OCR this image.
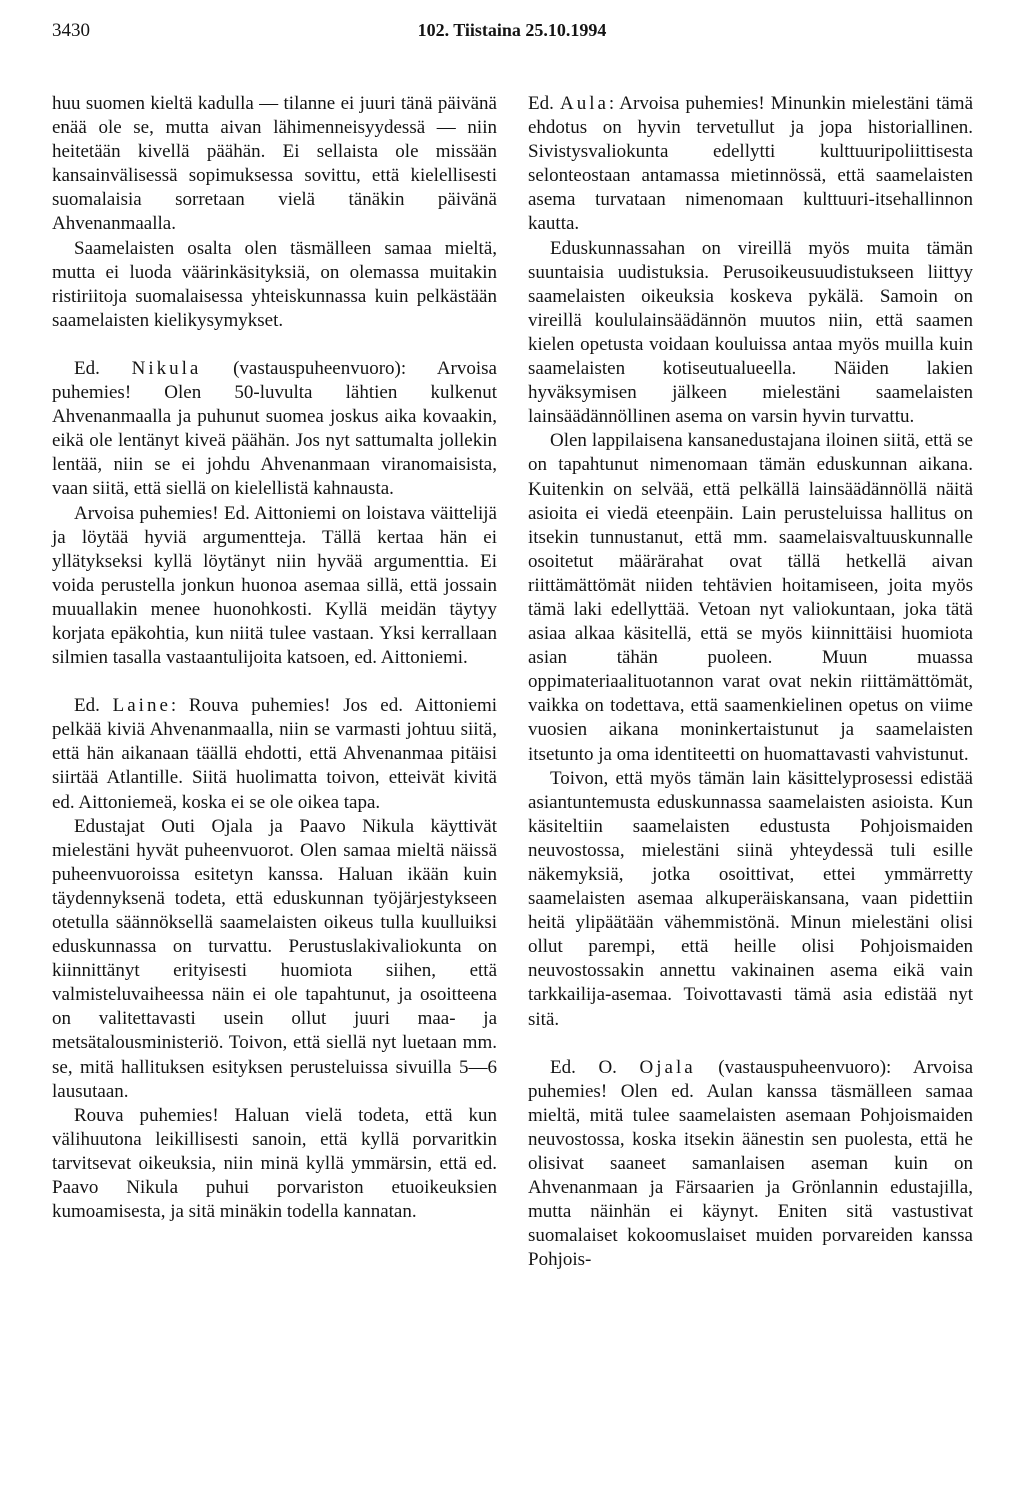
3430	102. Tiistaina 25.10.1994

huu suomen kieltä kadulla — tilanne ei juuri tänä päivänä enää ole se, mutta aivan lähimenneisyydessä — niin heitetään kivellä päähän. Ei sellaista ole missään kansainvälisessä sopimuksessa sovittu, että kielellisesti suomalaisia sorretaan vielä tänäkin päivänä Ahvenanmaalla.

Saamelaisten osalta olen täsmälleen samaa mieltä, mutta ei luoda väärinkäsityksiä, on olemassa muitakin ristiriitoja suomalaisessa yhteiskunnassa kuin pelkästään saamelaisten kielikysymykset.

Ed. Nikula (vastauspuheenvuoro): Arvoisa puhemies! Olen 50-luvulta lähtien kulkenut Ahvenanmaalla ja puhunut suomea joskus aika kovaakin, eikä ole lentänyt kiveä päähän. Jos nyt sattumalta jollekin lentää, niin se ei johdu Ahvenanmaan viranomaisista, vaan siitä, että siellä on kielellistä kahnausta.

Arvoisa puhemies! Ed. Aittoniemi on loistava väittelijä ja löytää hyviä argumentteja. Tällä kertaa hän ei yllätykseksi kyllä löytänyt niin hyvää argumenttia. Ei voida perustella jonkun huonoa asemaa sillä, että jossain muuallakin menee huonohkosti. Kyllä meidän täytyy korjata epäkohtia, kun niitä tulee vastaan. Yksi kerrallaan silmien tasalla vastaantulijoita katsoen, ed. Aittoniemi.

Ed. Laine: Rouva puhemies! Jos ed. Aittoniemi pelkää kiviä Ahvenanmaalla, niin se varmasti johtuu siitä, että hän aikanaan täällä ehdotti, että Ahvenanmaa pitäisi siirtää Atlantille. Siitä huolimatta toivon, etteivät kivitä ed. Aittoniemeä, koska ei se ole oikea tapa.

Edustajat Outi Ojala ja Paavo Nikula käyttivät mielestäni hyvät puheenvuorot. Olen samaa mieltä näissä puheenvuoroissa esitetyn kanssa. Haluan ikään kuin täydennyksenä todeta, että eduskunnan työjärjestykseen otetulla säännöksellä saamelaisten oikeus tulla kuulluiksi eduskunnassa on turvattu. Perustuslakivaliokunta on kiinnittänyt erityisesti huomiota siihen, että valmisteluvaiheessa näin ei ole tapahtunut, ja osoitteena on valitettavasti usein ollut juuri maa- ja metsätalousministeriö. Toivon, että siellä nyt luetaan mm. se, mitä hallituksen esityksen perusteluissa sivuilla 5—6 lausutaan.

Rouva puhemies! Haluan vielä todeta, että kun välihuutona leikillisesti sanoin, että kyllä porvaritkin tarvitsevat oikeuksia, niin minä kyllä ymmärsin, että ed. Paavo Nikula puhui porvariston etuoikeuksien kumoamisesta, ja sitä minäkin todella kannatan.

Ed. Aula: Arvoisa puhemies! Minunkin mielestäni tämä ehdotus on hyvin tervetullut ja jopa historiallinen. Sivistysvaliokunta edellytti kulttuuripoliittisesta selonteostaan antamassa mietinnössä, että saamelaisten asema turvataan nimenomaan kulttuuri-itsehallinnon kautta.

Eduskunnassahan on vireillä myös muita tämän suuntaisia uudistuksia. Perusoikeusuudistukseen liittyy saamelaisten oikeuksia koskeva pykälä. Samoin on vireillä koululainsäädännön muutos niin, että saamen kielen opetusta voidaan kouluissa antaa myös muilla kuin saamelaisten kotiseutualueella. Näiden lakien hyväksymisen jälkeen mielestäni saamelaisten lainsäädännöllinen asema on varsin hyvin turvattu.

Olen lappilaisena kansanedustajana iloinen siitä, että se on tapahtunut nimenomaan tämän eduskunnan aikana. Kuitenkin on selvää, että pelkällä lainsäädännöllä näitä asioita ei viedä eteenpäin. Lain perusteluissa hallitus on itsekin tunnustanut, että mm. saamelaisvaltuuskunnalle osoitetut määrärahat ovat tällä hetkellä aivan riittämättömät niiden tehtävien hoitamiseen, joita myös tämä laki edellyttää. Vetoan nyt valiokuntaan, joka tätä asiaa alkaa käsitellä, että se myös kiinnittäisi huomiota asian tähän puoleen. Muun muassa oppimateriaalituotannon varat ovat nekin riittämättömät, vaikka on todettava, että saamenkielinen opetus on viime vuosien aikana moninkertaistunut ja saamelaisten itsetunto ja oma identiteetti on huomattavasti vahvistunut.

Toivon, että myös tämän lain käsittelyprosessi edistää asiantuntemusta eduskunnassa saamelaisten asioista. Kun käsiteltiin saamelaisten edustusta Pohjoismaiden neuvostossa, mielestäni siinä yhteydessä tuli esille näkemyksiä, jotka osoittivat, ettei ymmärretty saamelaisten asemaa alkuperäiskansana, vaan pidettiin heitä ylipäätään vähemmistönä. Minun mielestäni olisi ollut parempi, että heille olisi Pohjoismaiden neuvostossakin annettu vakinainen asema eikä vain tarkkailija-asemaa. Toivottavasti tämä asia edistää nyt sitä.

Ed. O. Ojala (vastauspuheenvuoro): Arvoisa puhemies! Olen ed. Aulan kanssa täsmälleen samaa mieltä, mitä tulee saamelaisten asemaan Pohjoismaiden neuvostossa, koska itsekin äänestin sen puolesta, että he olisivat saaneet samanlaisen aseman kuin on Ahvenanmaan ja Färsaarien ja Grönlannin edustajilla, mutta näinhän ei käynyt. Eniten sitä vastustivat suomalaiset kokoomuslaiset muiden porvareiden kanssa Pohjois-
